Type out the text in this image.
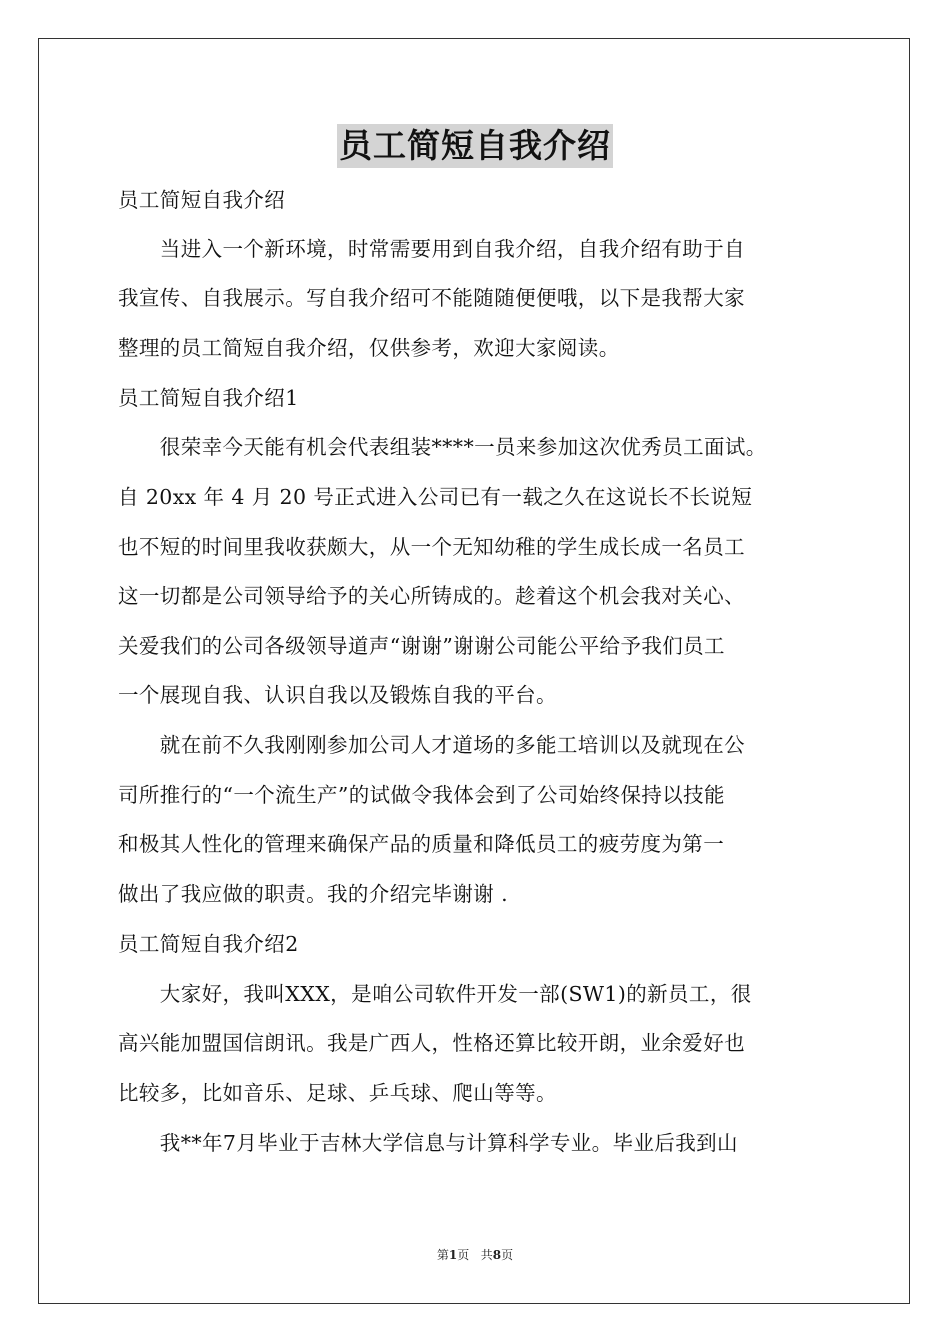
员工简短自我介绍
员工简短自我介绍
　　当进入一个新环境，时常需要用到自我介绍，自我介绍有助于自
我宣传、自我展示。写自我介绍可不能随随便便哦，以下是我帮大家
整理的员工简短自我介绍，仅供参考，欢迎大家阅读。
员工简短自我介绍1
　　很荣幸今天能有机会代表组装****一员来参加这次优秀员工面试。
自 20xx 年 4 月 20 号正式进入公司已有一载之久在这说长不长说短
也不短的时间里我收获颇大，从一个无知幼稚的学生成长成一名员工
这一切都是公司领导给予的关心所铸成的。趁着这个机会我对关心、
关爱我们的公司各级领导道声“谢谢”谢谢公司能公平给予我们员工
一个展现自我、认识自我以及锻炼自我的平台。
　　就在前不久我刚刚参加公司人才道场的多能工培训以及就现在公
司所推行的“一个流生产”的试做令我体会到了公司始终保持以技能
和极其人性化的管理来确保产品的质量和降低员工的疲劳度为第一
做出了我应做的职责。我的介绍完毕谢谢 .
员工简短自我介绍2
　　大家好，我叫XXX，是咱公司软件开发一部(SW1)的新员工，很
高兴能加盟国信朗讯。我是广西人，性格还算比较开朗，业余爱好也
比较多，比如音乐、足球、乒乓球、爬山等等。
　　我**年7月毕业于吉林大学信息与计算科学专业。毕业后我到山
第1页 共8页
